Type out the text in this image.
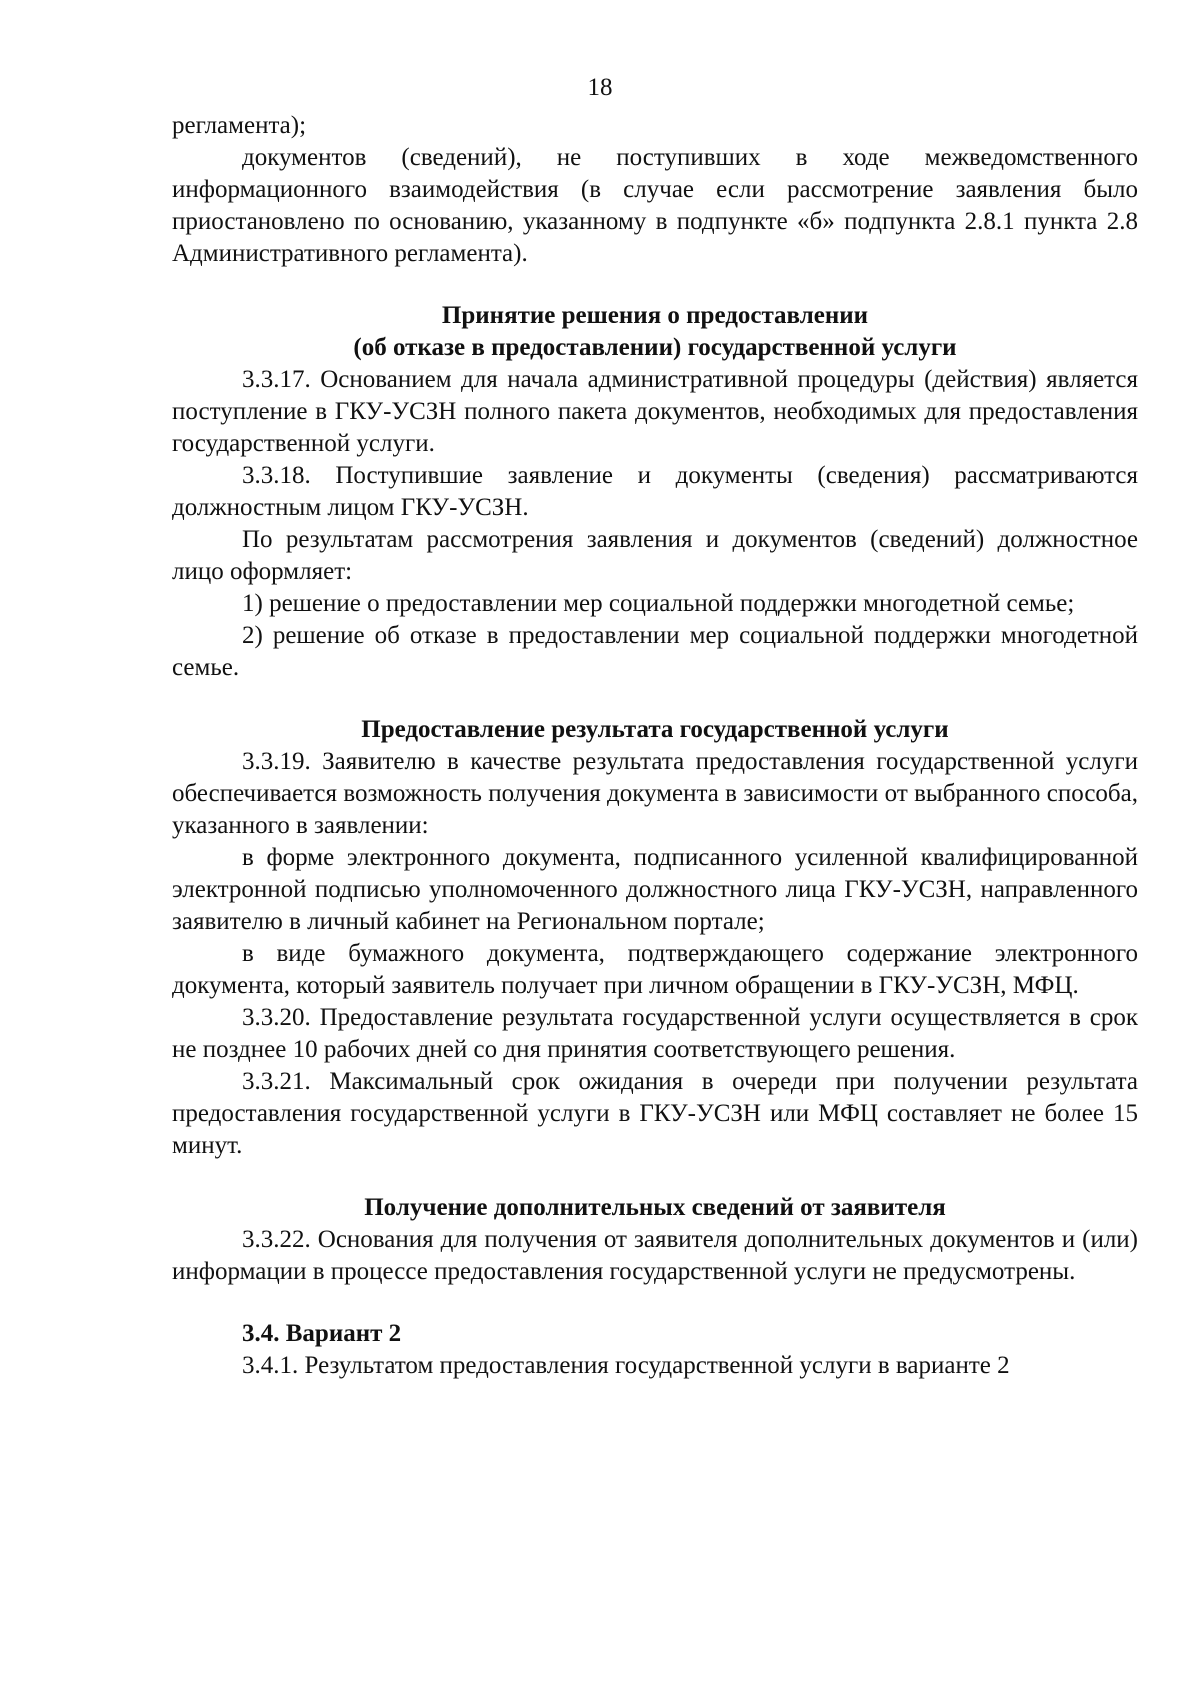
18

регламента);

документов (сведений), не поступивших в ходе межведомственного информационного взаимодействия (в случае если рассмотрение заявления было приостановлено по основанию, указанному в подпункте «б» подпункта 2.8.1 пункта 2.8 Административного регламента).

Принятие решения о предоставлении
(об отказе в предоставлении) государственной услуги

3.3.17. Основанием для начала административной процедуры (действия) является поступление в ГКУ-УСЗН полного пакета документов, необходимых для предоставления государственной услуги.

3.3.18. Поступившие заявление и документы (сведения) рассматриваются должностным лицом ГКУ-УСЗН.

По результатам рассмотрения заявления и документов (сведений) должностное лицо оформляет:

1) решение о предоставлении мер социальной поддержки многодетной семье;

2) решение об отказе в предоставлении мер социальной поддержки многодетной семье.

Предоставление результата государственной услуги

3.3.19. Заявителю в качестве результата предоставления государственной услуги обеспечивается возможность получения документа в зависимости от выбранного способа, указанного в заявлении:

в форме электронного документа, подписанного усиленной квалифицированной электронной подписью уполномоченного должностного лица ГКУ-УСЗН, направленного заявителю в личный кабинет на Региональном портале;

в виде бумажного документа, подтверждающего содержание электронного документа, который заявитель получает при личном обращении в ГКУ-УСЗН, МФЦ.

3.3.20. Предоставление результата государственной услуги осуществляется в срок не позднее 10 рабочих дней со дня принятия соответствующего решения.

3.3.21. Максимальный срок ожидания в очереди при получении результата предоставления государственной услуги в ГКУ-УСЗН или МФЦ составляет не более 15 минут.

Получение дополнительных сведений от заявителя

3.3.22. Основания для получения от заявителя дополнительных документов и (или) информации в процессе предоставления государственной услуги не предусмотрены.

3.4. Вариант 2

3.4.1. Результатом предоставления государственной услуги в варианте 2
